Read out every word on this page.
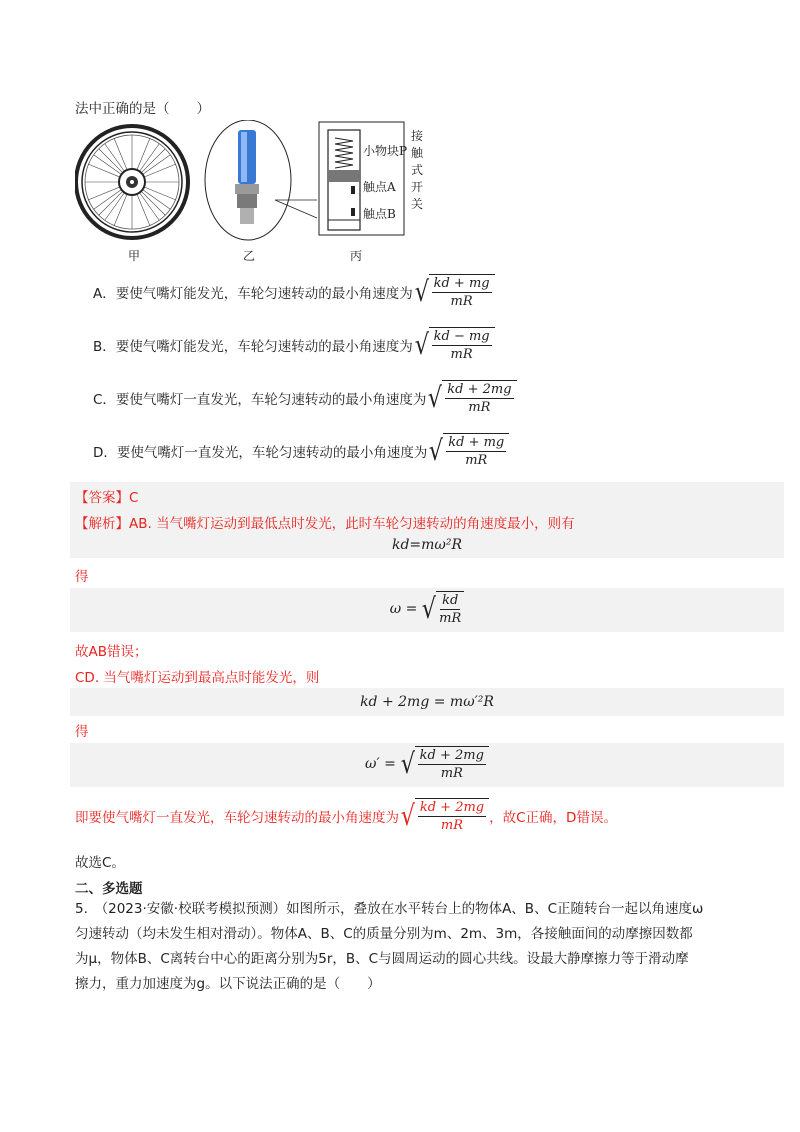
法中正确的是（　　）
小物块P
触点A
触点B
接
触
式
开
关
甲	乙	丙
A．要使气嘴灯能发光，车轮匀速转动的最小角速度为 √ kd + mg
mR
B．要使气嘴灯能发光，车轮匀速转动的最小角速度为 √ kd − mg
mR
C．要使气嘴灯一直发光，车轮匀速转动的最小角速度为 √ kd + 2mg
mR
D．要使气嘴灯一直发光，车轮匀速转动的最小角速度为 √ kd + mg
mR
【答案】C
【解析】AB. 当气嘴灯运动到最低点时发光，此时车轮匀速转动的角速度最小，则有
kd=mω²R
得
ω = √ kd
mR
故AB错误；
CD. 当气嘴灯运动到最高点时能发光，则
kd + 2mg = mω′²R
得
ω′ = √ kd + 2mg
mR
即要使气嘴灯一直发光，车轮匀速转动的最小角速度为 √ kd + 2mg
mR ，故C正确，D错误。
故选C。
二、多选题
5.　（2023·安徽·校联考模拟预测）如图所示，叠放在水平转台上的物体A、B、C正随转台一起以角速度ω
匀速转动（均未发生相对滑动）。物体A、B、C的质量分别为m、2m、3m，各接触面间的动摩擦因数都
为μ，物体B、C离转台中心的距离分别为5r，B、C与圆周运动的圆心共线。设最大静摩擦力等于滑动摩
擦力，重力加速度为g。以下说法正确的是（　　）
